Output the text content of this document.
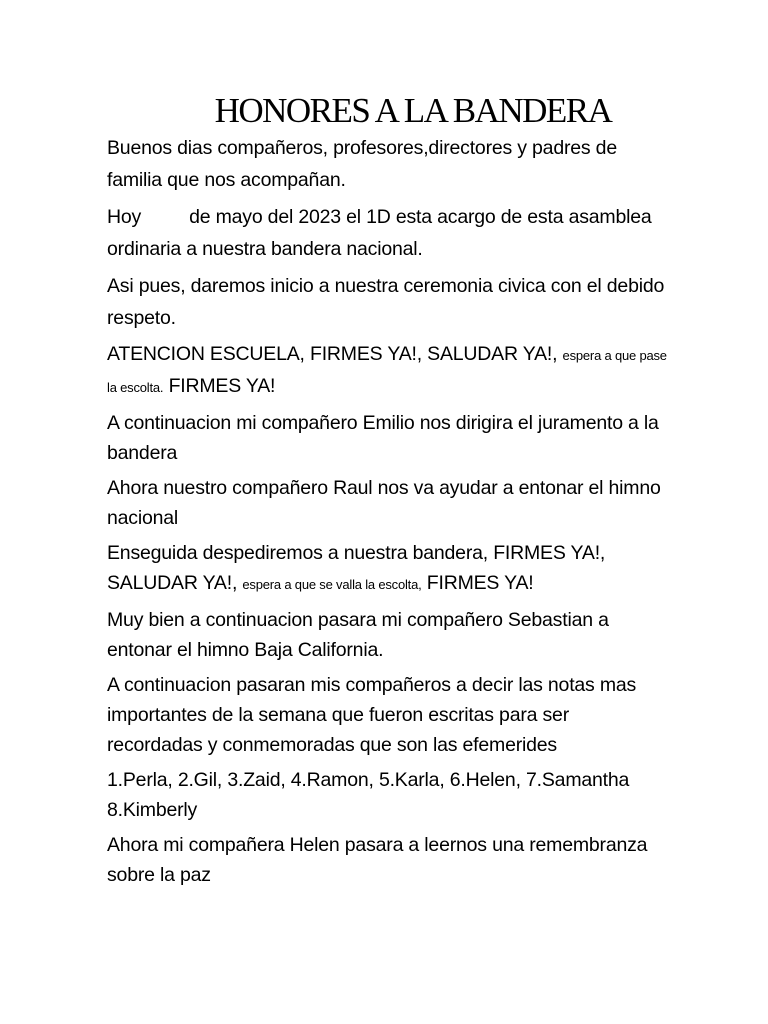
HONORES A LA BANDERA

Buenos dias compañeros, profesores,directores y padres de familia que nos acompañan.

Hoy de mayo del 2023 el 1D esta acargo de esta asamblea ordinaria a nuestra bandera nacional.

Asi pues, daremos inicio a nuestra ceremonia civica con el debido respeto.

ATENCION ESCUELA, FIRMES YA!, SALUDAR YA!, espera a que pase la escolta. FIRMES YA!

A continuacion mi compañero Emilio nos dirigira el juramento a la bandera

Ahora nuestro compañero Raul nos va ayudar a entonar el himno nacional

Enseguida despediremos a nuestra bandera, FIRMES YA!, SALUDAR YA!, espera a que se valla la escolta, FIRMES YA!

Muy bien a continuacion pasara mi compañero Sebastian a entonar el himno Baja California.

A continuacion pasaran mis compañeros a decir las notas mas importantes de la semana que fueron escritas para ser recordadas y conmemoradas que son las efemerides

1.Perla, 2.Gil, 3.Zaid, 4.Ramon, 5.Karla, 6.Helen, 7.Samantha 8.Kimberly

Ahora mi compañera Helen pasara a leernos una remembranza sobre la paz
